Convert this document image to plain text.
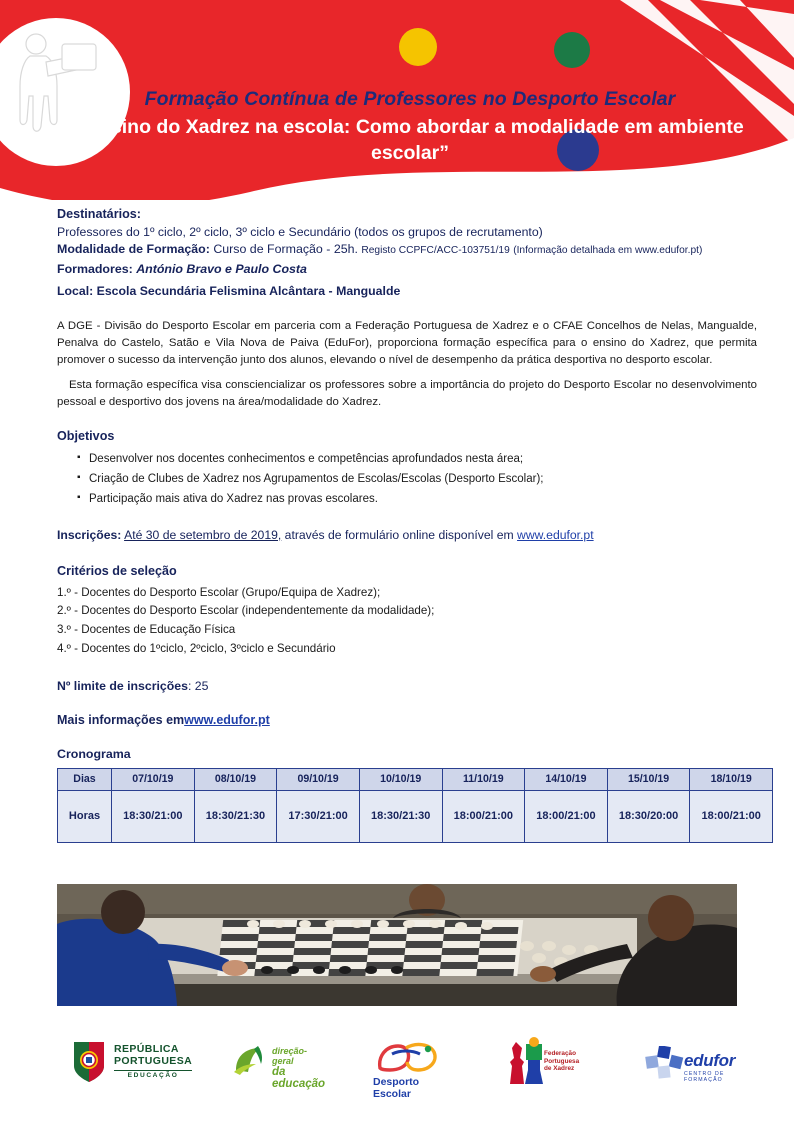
Formação Contínua de Professores no Desporto Escolar
“Ensino do Xadrez na escola: Como abordar a modalidade em ambiente escolar”
Destinatários:
Professores do 1º ciclo, 2º ciclo, 3º ciclo e Secundário (todos os grupos de recrutamento)
Modalidade de Formação: Curso de Formação - 25h. Registo CCPFC/ACC-103751/19 (Informação detalhada em www.edufor.pt)
Formadores: António Bravo e Paulo Costa
Local: Escola Secundária Felismina Alcântara - Mangualde
A DGE - Divisão do Desporto Escolar em parceria com a Federação Portuguesa de Xadrez e o CFAE Concelhos de Nelas, Mangualde, Penalva do Castelo, Satão e Vila Nova de Paiva (EduFor), proporciona formação específica para o ensino do Xadrez, que permita promover o sucesso da intervenção junto dos alunos, elevando o nível de desempenho da prática desportiva no desporto escolar.
Esta formação específica visa consciencializar os professores sobre a importância do projeto do Desporto Escolar no desenvolvimento pessoal e desportivo dos jovens na área/modalidade do Xadrez.
Objetivos
▪ Desenvolver nos docentes conhecimentos e competências aprofundados nesta área;
▪ Criação de Clubes de Xadrez nos Agrupamentos de Escolas/Escolas (Desporto Escolar);
▪ Participação mais ativa do Xadrez nas provas escolares.
Inscrições: Até 30 de setembro de 2019, através de formulário online disponível em www.edufor.pt
Critérios de seleção
1.º - Docentes do Desporto Escolar (Grupo/Equipa de Xadrez);
2.º - Docentes do Desporto Escolar (independentemente da modalidade);
3.º - Docentes de Educação Física
4.º - Docentes do 1ºciclo, 2ºciclo, 3ºciclo e Secundário
Nº limite de inscrições: 25
Mais informações emwww.edufor.pt
Cronograma
Dias	07/10/19	08/10/19	09/10/19	10/10/19	11/10/19	14/10/19	15/10/19	18/10/19
Horas	18:30/21:00	18:30/21:30	17:30/21:00	18:30/21:30	18:00/21:00	18:00/21:00	18:30/20:00	18:00/21:00
REPÚBLICA
PORTUGUESA
EDUCAÇÃO
direção-geral
da educação	Desporto Escolar
Federação
Portuguesa
de Xadrez	edufor
CENTRO DE FORMAÇÃO
